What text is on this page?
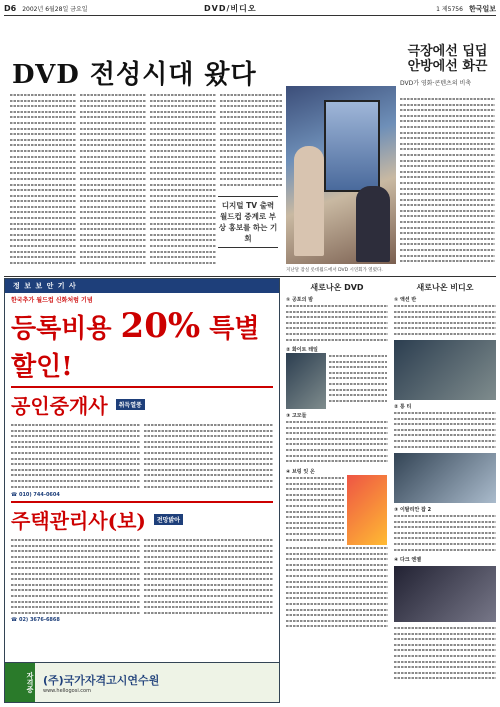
D6 2002년 6월28일 금요일	DVD/비디오	1 제5756 한국일보
DVD 전성시대 왔다
극장에선 딥딥 안방에선 화끈
DVD가 영화·콘텐츠의 비축
디지털 TV 출력 월드컵 중계로 부상 홍보를 하는 기회
지난달 잠실 롯데월드에서 DVD 시연회가 열렸다.
정 보 보 안 기 사
한국추가 월드컵 신화처럼 기념
등록비용 20% 특별할인!
공인중개사	취득열풍
☎ 010) 744-0604
주택관리사(보)	전망밝아
☎ 02) 3676-6868
자격증 (주)국가자격고시연수원
www.hellogosi.com
새로나온 DVD
① 공포의 밤
② 화이트 테일
③ 고모들
④ 브링 잇 온
새로나온 비디오
① 액션 반
② 롱 티
③ 이탈리안 잡 2
④ 다크 엔젤
